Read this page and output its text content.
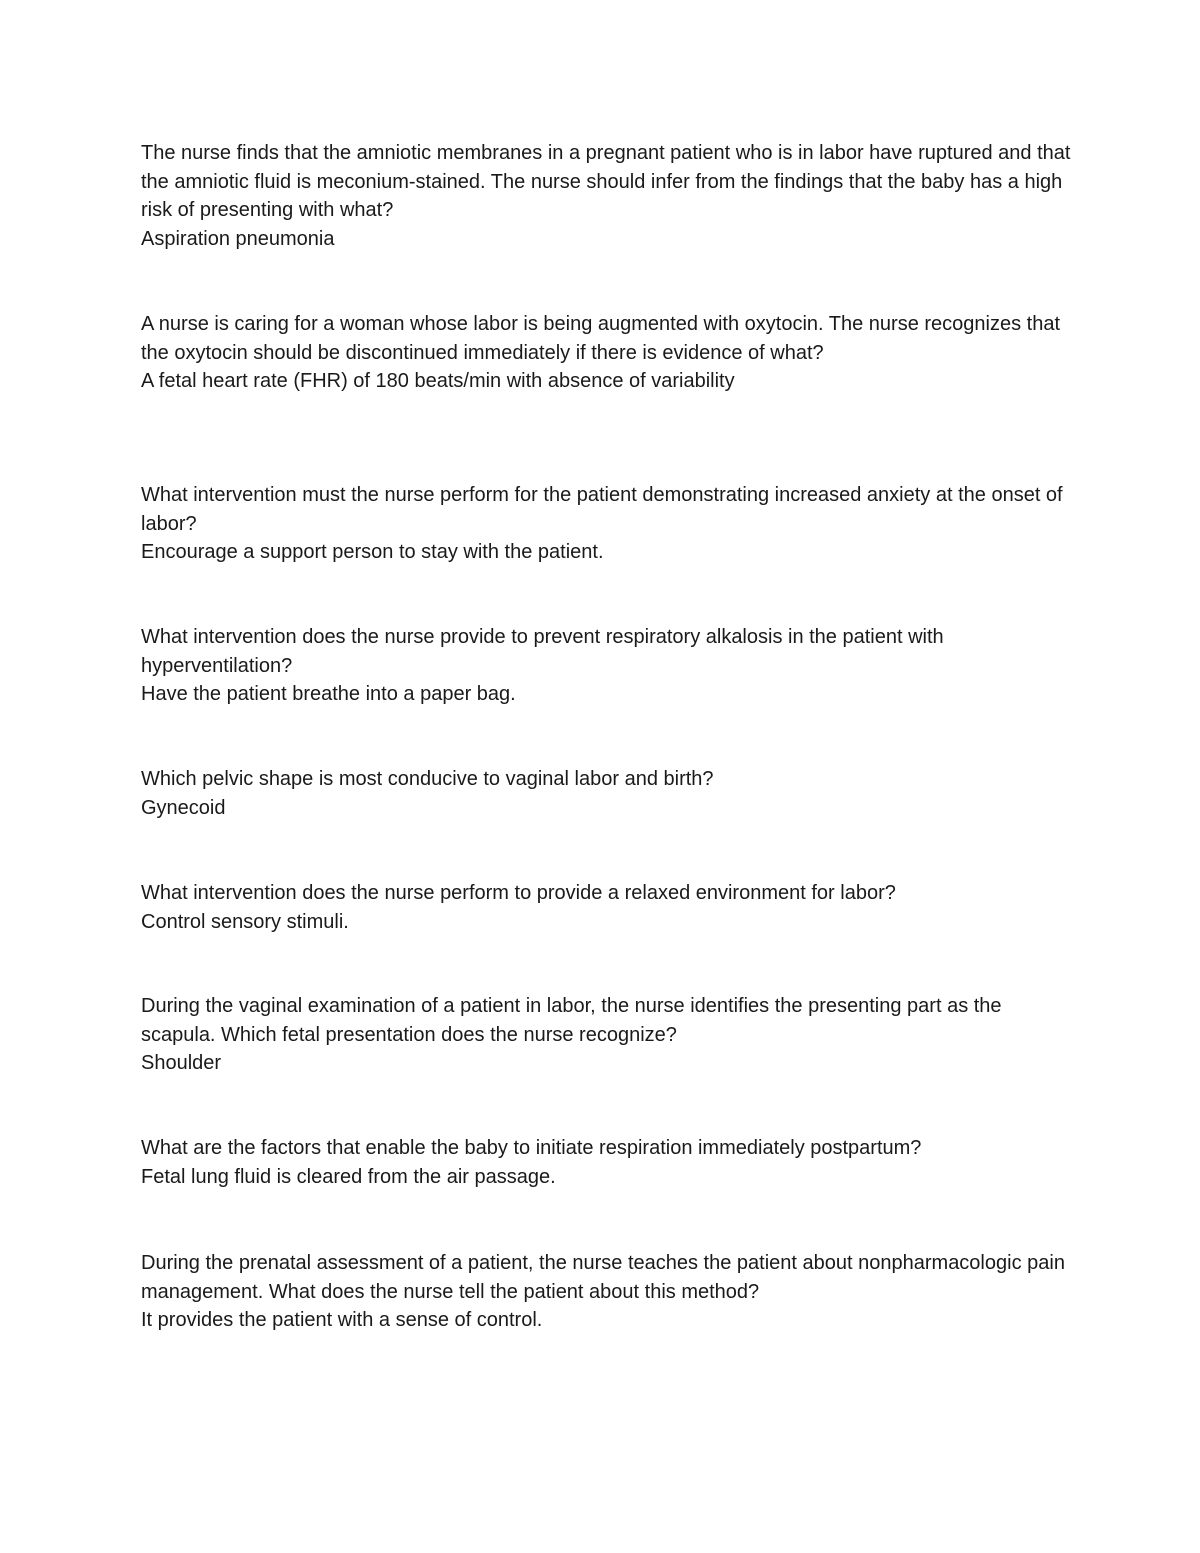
The nurse finds that the amniotic membranes in a pregnant patient who is in labor have ruptured and that the amniotic fluid is meconium-stained. The nurse should infer from the findings that the baby has a high risk of presenting with what?

Aspiration pneumonia

A nurse is caring for a woman whose labor is being augmented with oxytocin. The nurse recognizes that the oxytocin should be discontinued immediately if there is evidence of what?

A fetal heart rate (FHR) of 180 beats/min with absence of variability

What intervention must the nurse perform for the patient demonstrating increased anxiety at the onset of labor?

Encourage a support person to stay with the patient.

What intervention does the nurse provide to prevent respiratory alkalosis in the patient with hyperventilation?

Have the patient breathe into a paper bag.

Which pelvic shape is most conducive to vaginal labor and birth?

Gynecoid

What intervention does the nurse perform to provide a relaxed environment for labor?

Control sensory stimuli.

During the vaginal examination of a patient in labor, the nurse identifies the presenting part as the scapula. Which fetal presentation does the nurse recognize?

Shoulder

What are the factors that enable the baby to initiate respiration immediately postpartum?

Fetal lung fluid is cleared from the air passage.

During the prenatal assessment of a patient, the nurse teaches the patient about nonpharmacologic pain management. What does the nurse tell the patient about this method?

It provides the patient with a sense of control.
